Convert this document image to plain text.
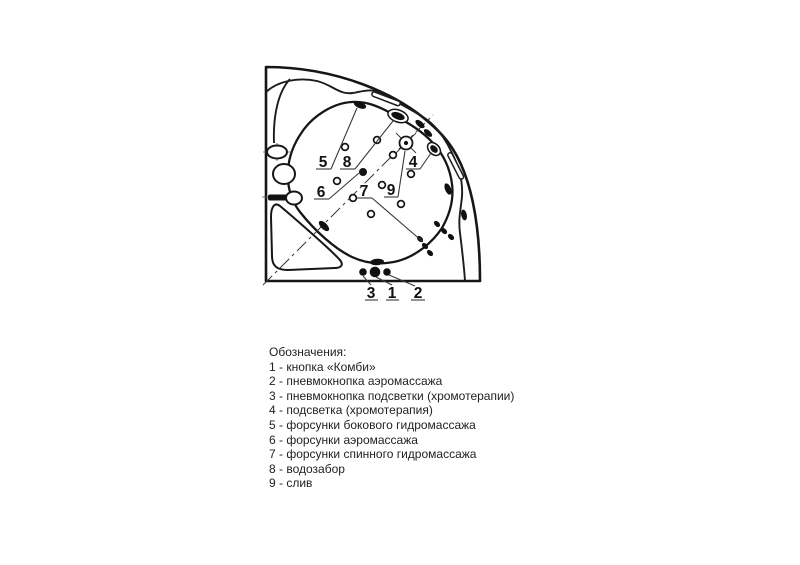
5 8	4
6 7 9
3 1 2
Обозначения:
1 - кнопка «Комби»
2 - пневмокнопка аэромассажа
3 - пневмокнопка подсветки (хромотерапии)
4 - подсветка (хромотерапия)
5 - форсунки бокового гидромассажа
6 - форсунки аэромассажа
7 - форсунки спинного гидромассажа
8 - водозабор
9 - слив
